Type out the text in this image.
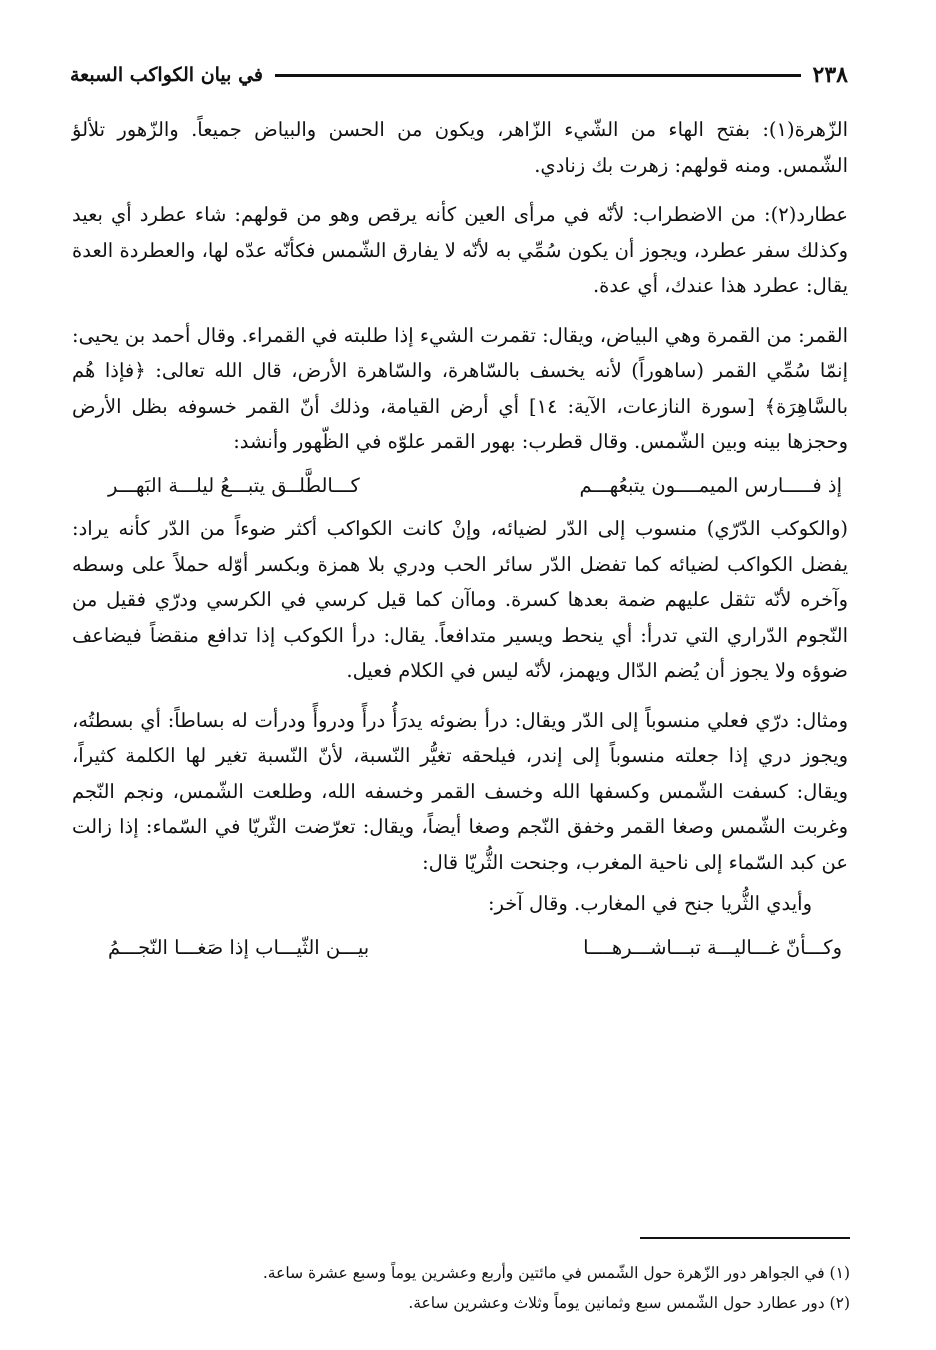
٢٣٨
في بيان الكواكب السبعة

الزّهرة(١): بفتح الهاء من الشّيء الزّاهر، ويكون من الحسن والبياض جميعاً. والزّهور تلألؤ الشّمس. ومنه قولهم: زهرت بك زنادي.

عطارد(٢): من الاضطراب: لأنّه في مرأى العين كأنه يرقص وهو من قولهم: شاء عطرد أي بعيد وكذلك سفر عطرد، ويجوز أن يكون سُمِّي به لأنّه لا يفارق الشّمس فكأنّه عدّه لها، والعطردة العدة يقال: عطرد هذا عندك، أي عدة.

القمر: من القمرة وهي البياض، ويقال: تقمرت الشيء إذا طلبته في القمراء. وقال أحمد بن يحيى: إنمّا سُمِّي القمر (ساهوراً) لأنه يخسف بالسّاهرة، والسّاهرة الأرض، قال الله تعالى: ﴿فإذا هُم بالسَّاهِرَة﴾ [سورة النازعات، الآية: ١٤] أي أرض القيامة، وذلك أنّ القمر خسوفه بظل الأرض وحجزها بينه وبين الشّمس. وقال قطرب: بهور القمر علوّه في الظّهور وأنشد:

إذ فـــــارس الميمــــون يتبعُهـــم
كـــالطَّلــق يتبـــعُ ليلـــة البَهـــر

(والكوكب الدّرّي) منسوب إلى الدّر لضيائه، وإنْ كانت الكواكب أكثر ضوءاً من الدّر كأنه يراد: يفضل الكواكب لضيائه كما تفضل الدّر سائر الحب ودري بلا همزة وبكسر أوّله حملاً على وسطه وآخره لأنّه تثقل عليهم ضمة بعدها كسرة. وماآن كما قيل كرسي في الكرسي ودرّي فقيل من النّجوم الدّراري التي تدرأ: أي ينحط ويسير متدافعاً. يقال: درأ الكوكب إذا تدافع منقضاً فيضاعف ضوؤه ولا يجوز أن يُضم الدّال ويهمز، لأنّه ليس في الكلام فعيل.

ومثال: درّي فعلي منسوباً إلى الدّر ويقال: درأ بضوئه يدرَأُ درأً ودروأً ودرأت له بساطاً: أي بسطتُه، ويجوز دري إذا جعلته منسوباً إلى إندر، فيلحقه تغيُّر النّسبة، لأنّ النّسبة تغير لها الكلمة كثيراً، ويقال: كسفت الشّمس وكسفها الله وخسف القمر وخسفه الله، وطلعت الشّمس، ونجم النّجم وغربت الشّمس وصغا القمر وخفق النّجم وصغا أيضاً، ويقال: تعرّضت الثّريّا في السّماء: إذا زالت عن كبد السّماء إلى ناحية المغرب، وجنحت الثُّريّا قال:

وأيدي الثُّريا جنح في المغارب. وقال آخر:

وكـــأنّ غـــاليـــة تبـــاشـــرهــــا
بيـــن الثّيـــاب إذا صَغـــا النّجـــمُ
(١) في الجواهر دور الزّهرة حول الشّمس في مائتين وأربع وعشرين يوماً وسبع عشرة ساعة.
(٢) دور عطارد حول الشّمس سبع وثمانين يوماً وثلاث وعشرين ساعة.
